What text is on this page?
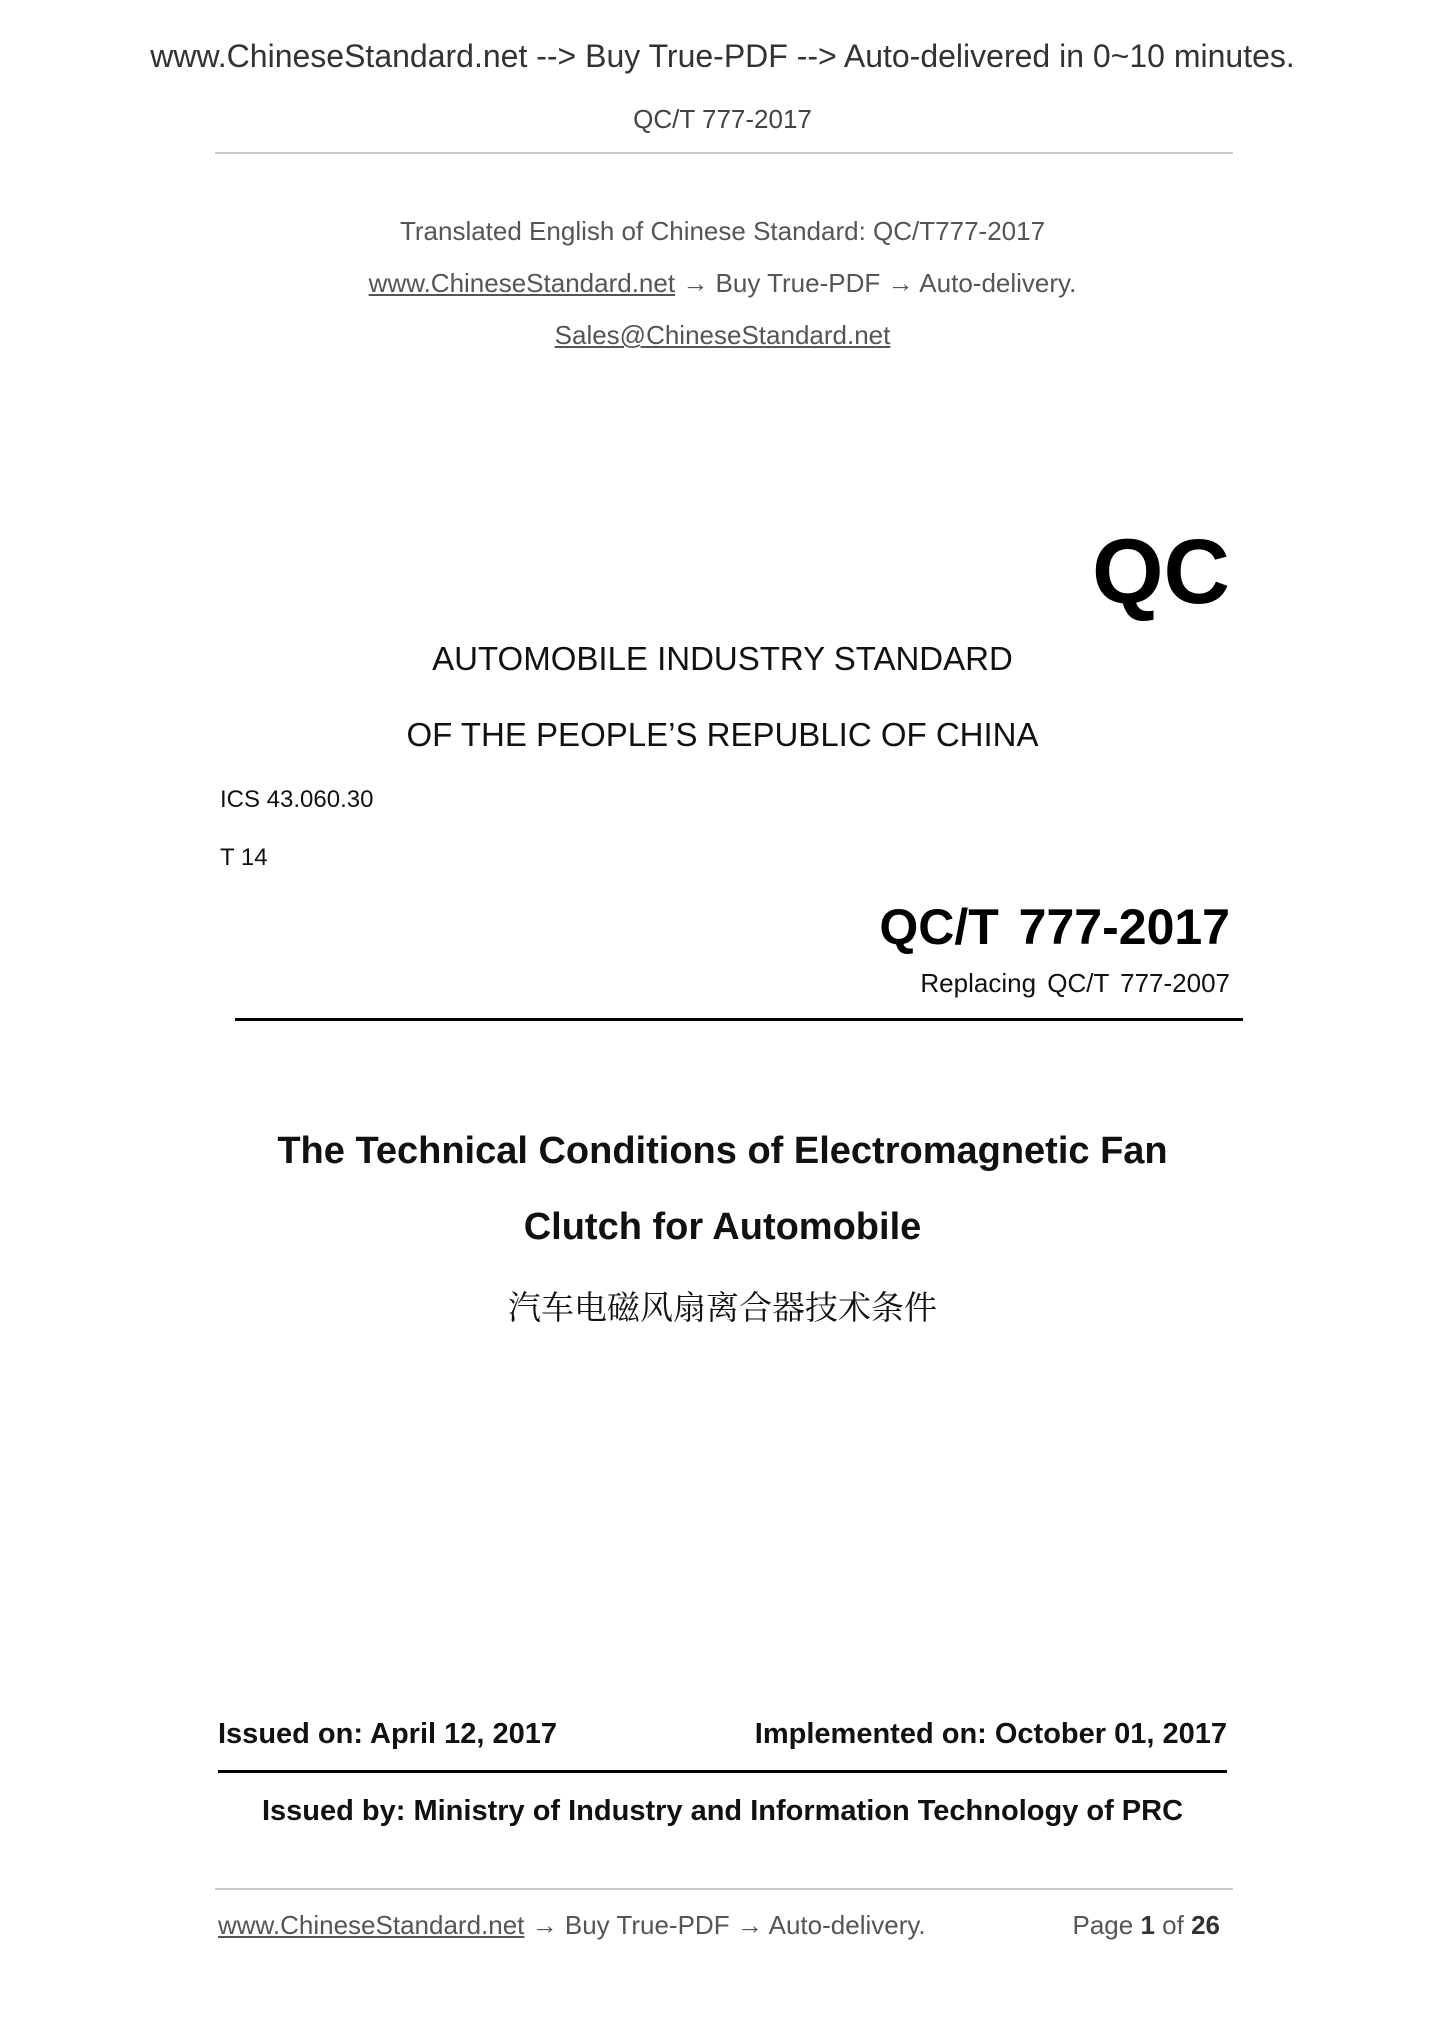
www.ChineseStandard.net --> Buy True-PDF --> Auto-delivered in 0~10 minutes.
QC/T 777-2017
Translated English of Chinese Standard: QC/T777-2017
www.ChineseStandard.net → Buy True-PDF → Auto-delivery.
Sales@ChineseStandard.net
QC
AUTOMOBILE INDUSTRY STANDARD
OF THE PEOPLE’S REPUBLIC OF CHINA
ICS 43.060.30
T 14
QC/T 777-2017
Replacing QC/T 777-2007
The Technical Conditions of Electromagnetic Fan
Clutch for Automobile
汽车电磁风扇离合器技术条件
Issued on: April 12, 2017	Implemented on: October 01, 2017
Issued by: Ministry of Industry and Information Technology of PRC
www.ChineseStandard.net → Buy True-PDF → Auto-delivery.	Page 1 of 26
